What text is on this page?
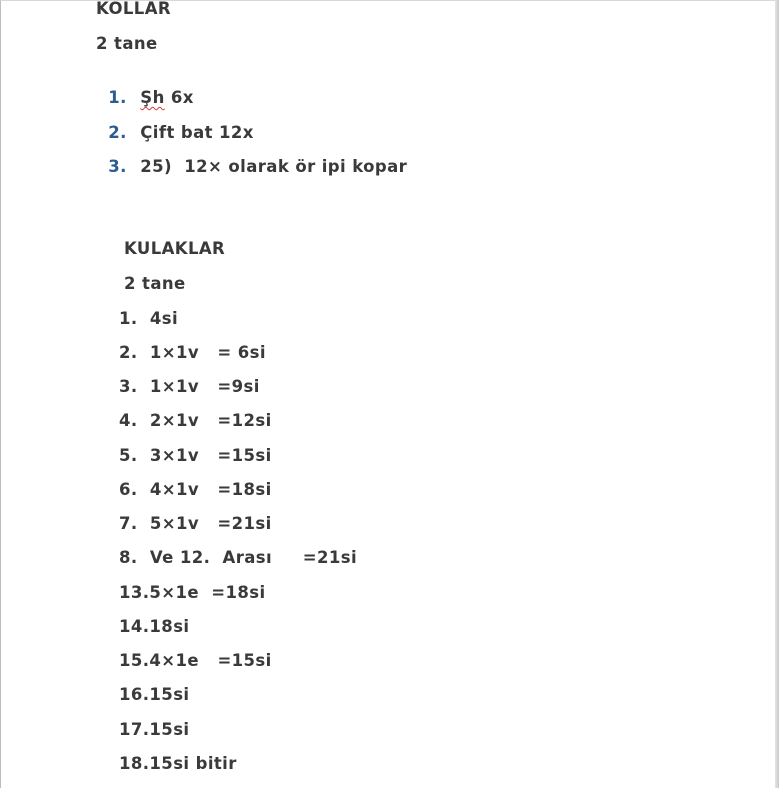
KOLLAR
2 tane

1. Şh 6x

2. Çift bat 12x

3. 25)  12× olarak ör ipi kopar

KULAKLAR
2 tane
1.  4si
2.  1×1v   = 6si
3.  1×1v   =9si
4.  2×1v   =12si
5.  3×1v   =15si
6.  4×1v   =18si
7.  5×1v   =21si
8.  Ve 12.  Arası     =21si
13.5×1e  =18si
14.18si
15.4×1e   =15si
16.15si
17.15si
18.15si bitir
